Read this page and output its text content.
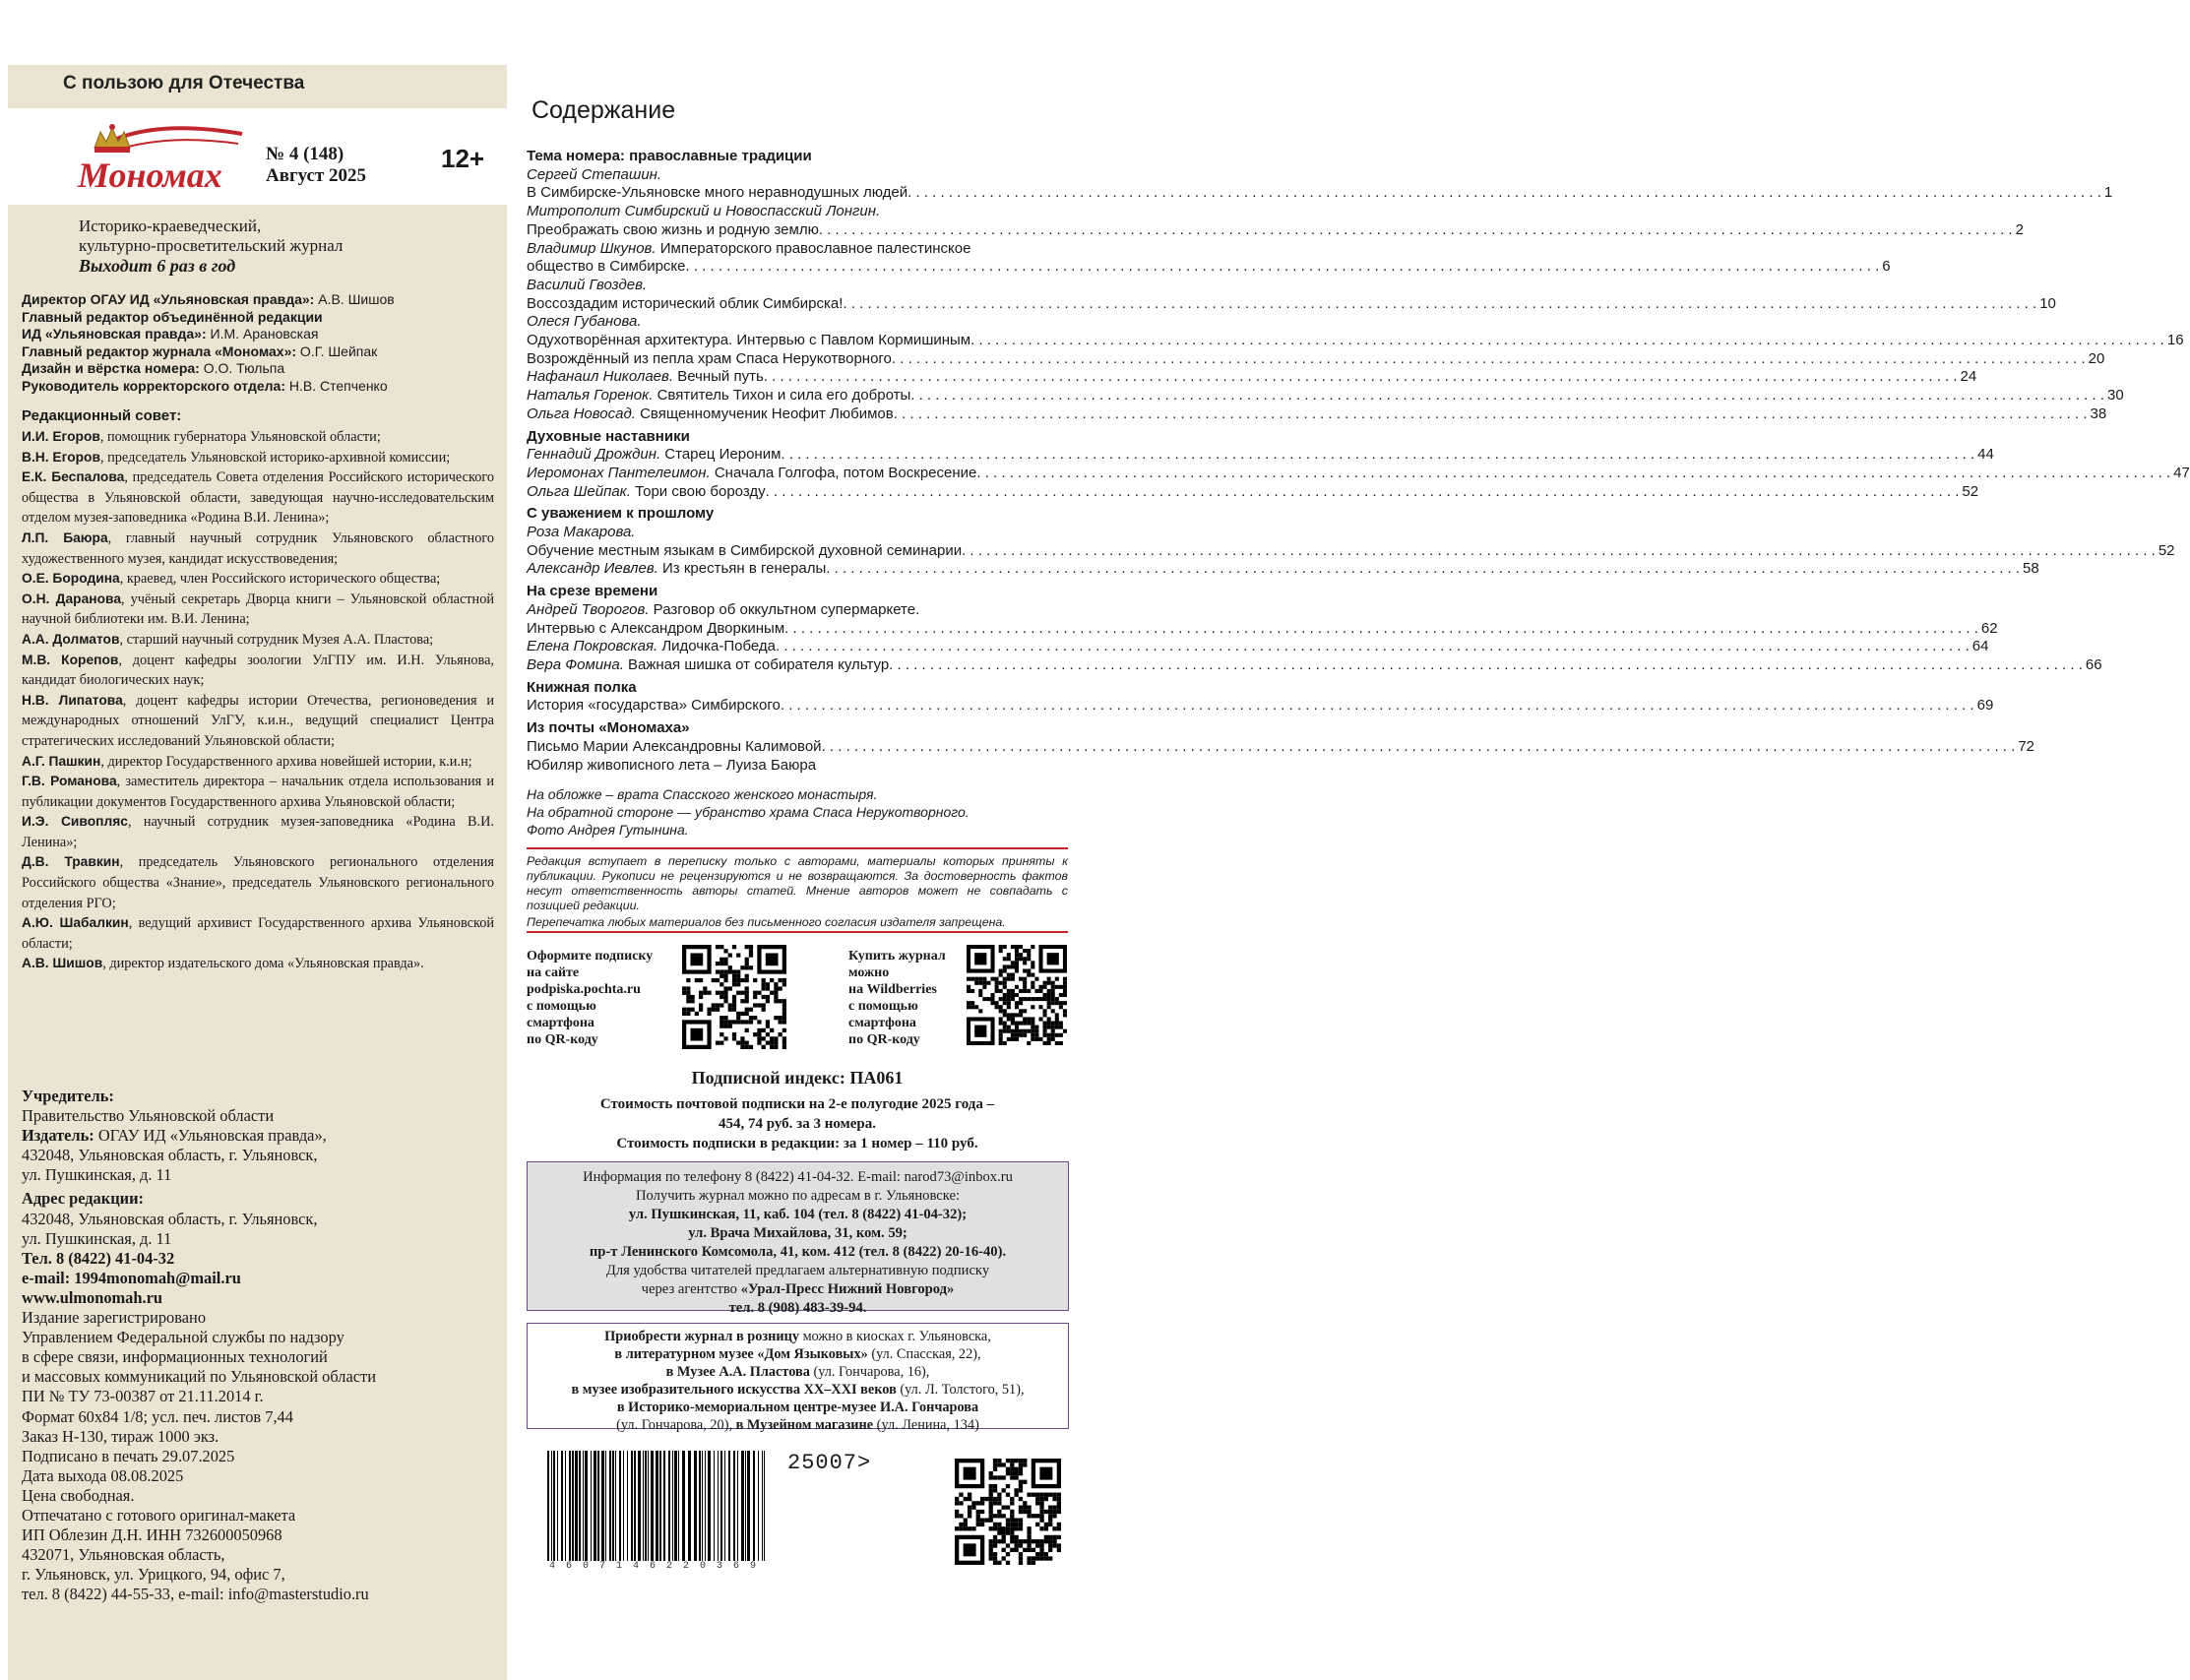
С пользою для Отечества
Мономах
№ 4 (148)
Август 2025
12+
Историко-краеведческий,
культурно-просветительский журнал
Выходит 6 раз в год
Директор ОГАУ ИД «Ульяновская правда»: А.В. Шишов
Главный редактор объединённой редакции
ИД «Ульяновская правда»: И.М. Арановская
Главный редактор журнала «Мономах»: О.Г. Шейпак
Дизайн и вёрстка номера: О.О. Тюльпа
Руководитель корректорского отдела: Н.В. Степченко
Редакционный совет:

И.И. Егоров, помощник губернатора Ульяновской области;

В.Н. Егоров, председатель Ульяновской историко-архивной комиссии;

Е.К. Беспалова, председатель Совета отделения Российского исторического общества в Ульяновской области, заведующая научно-исследовательским отделом музея-заповедника «Родина В.И. Ленина»;

Л.П. Баюра, главный научный сотрудник Ульяновского областного художественного музея, кандидат искусствоведения;

О.Е. Бородина, краевед, член Российского исторического общества;

О.Н. Даранова, учёный секретарь Дворца книги – Ульяновской областной научной библиотеки им. В.И. Ленина;

А.А. Долматов, старший научный сотрудник Музея А.А. Пластова;

М.В. Корепов, доцент кафедры зоологии УлГПУ им. И.Н. Ульянова, кандидат биологических наук;

Н.В. Липатова, доцент кафедры истории Отечества, регионоведения и международных отношений УлГУ, к.и.н., ведущий специалист Центра стратегических исследований Ульяновской области;

А.Г. Пашкин, директор Государственного архива новейшей истории, к.и.н;

Г.В. Романова, заместитель директора – начальник отдела использования и публикации документов Государственного архива Ульяновской области;

И.Э. Сивопляс, научный сотрудник музея-заповедника «Родина В.И. Ленина»;

Д.В. Травкин, председатель Ульяновского регионального отделения Российского общества «Знание», председатель Ульяновского регионального отделения РГО;

А.Ю. Шабалкин, ведущий архивист Государственного архива Ульяновской области;

А.В. Шишов, директор издательского дома «Ульяновская правда».

Учредитель:

Правительство Ульяновской области

Издатель: ОГАУ ИД «Ульяновская правда»,

432048, Ульяновская область, г. Ульяновск,

ул. Пушкинская, д. 11

Адрес редакции:

432048, Ульяновская область, г. Ульяновск,

ул. Пушкинская, д. 11

Тел. 8 (8422) 41-04-32

e-mail: 1994monomah@mail.ru

www.ulmonomah.ru

Издание зарегистрировано

Управлением Федеральной службы по надзору

в сфере связи, информационных технологий

и массовых коммуникаций по Ульяновской области

ПИ № ТУ 73-00387 от 21.11.2014 г.

Формат 60х84 1/8; усл. печ. листов 7,44

Заказ Н-130, тираж 1000 экз.

Подписано в печать 29.07.2025

Дата выхода 08.08.2025

Цена свободная.

Отпечатано с готового оригинал-макета

ИП Облезин Д.Н. ИНН 732600050968

432071, Ульяновская область,

г. Ульяновск, ул. Урицкого, 94, офис 7,

тел. 8 (8422) 44-55-33, e-mail: info@masterstudio.ru

Содержание
Тема номера: православные традиции
Сергей Степашин.
В Симбирске-Ульяновске много неравнодушных людей . . .	1
Митрополит Симбирский и Новоспасский Лонгин.
Преображать свою жизнь и родную землю . . .	2
Владимир Шкунов. Императорского православное палестинское
общество в Симбирске . . .	6
Василий Гвоздев.
Воссоздадим исторический облик Симбирска! . . .	10
Олеся Губанова.
Одухотворённая архитектура. Интервью с Павлом Кормишиным . . .	16
Возрождённый из пепла храм Спаса Нерукотворного . . .	20
Нафанаил Николаев. Вечный путь . . .	24
Наталья Горенок. Святитель Тихон и сила его доброты . . .	30
Ольга Новосад. Священномученик Неофит Любимов . . .	38
Духовные наставники
Геннадий Дрождин. Старец Иероним . . .	44
Иеромонах Пантелеимон. Сначала Голгофа, потом Воскресение . . .	47
Ольга Шейпак. Тори свою борозду . . .	52
С уважением к прошлому
Роза Макарова.
Обучение местным языкам в Симбирской духовной семинарии . . .	52
Александр Иевлев. Из крестьян в генералы . . .	58
На срезе времени
Андрей Творогов. Разговор об оккультном супермаркете.
Интервью с Александром Дворкиным . . .	62
Елена Покровская. Лидочка-Победа . . .	64
Вера Фомина. Важная шишка от собирателя культур . . .	66
Книжная полка
История «государства» Симбирского . . .	69
Из почты «Мономаха»
Письмо Марии Александровны Калимовой . . .	72
Юбиляр живописного лета – Луиза Баюра
На обложке – врата Спасского женского монастыря.
На обратной стороне — убранство храма Спаса Нерукотворного.
Фото Андрея Гутынина.

Редакция вступает в переписку только с авторами, материалы которых приняты к публикации. Рукописи не рецензируются и не возвращаются. За достоверность фактов несут ответственность авторы статей. Мнение авторов может не совпадать с позицией редакции.

Перепечатка любых материалов без письменного согласия издателя запрещена.

Оформите подписку
на сайте
podpiska.pochta.ru
с помощью
смартфона
по QR-коду
Купить журнал
можно
на Wildberries
с помощью
смартфона
по QR-коду
Подписной индекс: ПА061
Стоимость почтовой подписки на 2-е полугодие 2025 года –
454, 74 руб. за 3 номера.
Стоимость подписки в редакции: за 1 номер – 110 руб.
Информация по телефону 8 (8422) 41-04-32. E-mail: narod73@inbox.ru
Получить журнал можно по адресам в г. Ульяновске:
ул. Пушкинская, 11, каб. 104 (тел. 8 (8422) 41-04-32);
ул. Врача Михайлова, 31, ком. 59;
пр-т Ленинского Комсомола, 41, ком. 412 (тел. 8 (8422) 20-16-40).
Для удобства читателей предлагаем альтернативную подписку
через агентство «Урал-Пресс Нижний Новгород»
тел. 8 (908) 483-39-94.
Приобрести журнал в розницу можно в киосках г. Ульяновска,
в литературном музее «Дом Языковых» (ул. Спасская, 22),
в Музее А.А. Пластова (ул. Гончарова, 16),
в музее изобразительного искусства XX–XXI веков (ул. Л. Толстого, 51),
в Историко-мемориальном центре-музее И.А. Гончарова
(ул. Гончарова, 20), в Музейном магазине (ул. Ленина, 134)
25007>
4607146220369
